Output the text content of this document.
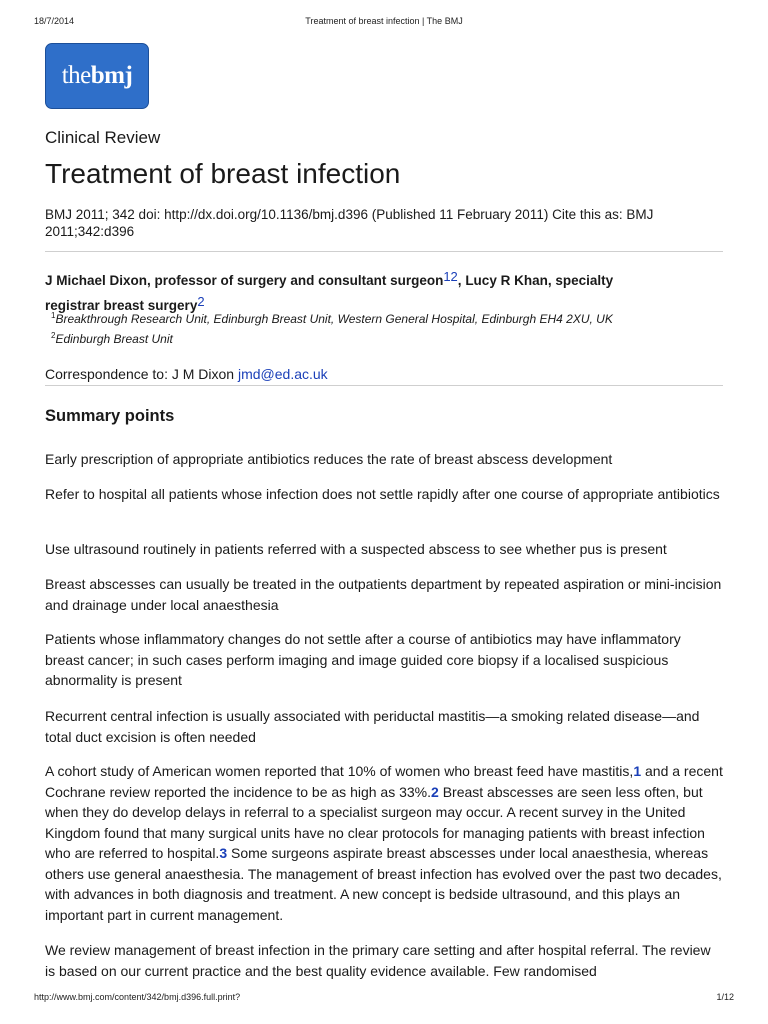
18/7/2014	Treatment of breast infection | The BMJ
the bmj
Clinical Review
Treatment of breast infection
BMJ 2011; 342 doi: http://dx.doi.org/10.1136/bmj.d396 (Published 11 February 2011) Cite this as: BMJ 2011;342:d396
J Michael Dixon, professor of surgery and consultant surgeon12, Lucy R Khan, specialty
registrar breast surgery2
$^1$Breakthrough Research Unit, Edinburgh Breast Unit, Western General Hospital, Edinburgh EH4 2XU, UK
$^2$Edinburgh Breast Unit
Correspondence to: J M Dixon jmd@ed.ac.uk
Summary points

Early prescription of appropriate antibiotics reduces the rate of breast abscess development

Refer to hospital all patients whose infection does not settle rapidly after one course of appropriate antibiotics

Use ultrasound routinely in patients referred with a suspected abscess to see whether pus is present

Breast abscesses can usually be treated in the outpatients department by repeated aspiration or mini-incision and drainage under local anaesthesia

Patients whose inflammatory changes do not settle after a course of antibiotics may have inflammatory breast cancer; in such cases perform imaging and image guided core biopsy if a localised suspicious abnormality is present

Recurrent central infection is usually associated with periductal mastitis—a smoking related disease—and total duct excision is often needed

A cohort study of American women reported that 10% of women who breast feed have mastitis,1 and a recent Cochrane review reported the incidence to be as high as 33%.2 Breast abscesses are seen less often, but when they do develop delays in referral to a specialist surgeon may occur. A recent survey in the United Kingdom found that many surgical units have no clear protocols for managing patients with breast infection who are referred to hospital.3 Some surgeons aspirate breast abscesses under local anaesthesia, whereas others use general anaesthesia. The management of breast infection has evolved over the past two decades, with advances in both diagnosis and treatment. A new concept is bedside ultrasound, and this plays an important part in current management.

We review management of breast infection in the primary care setting and after hospital referral. The review is based on our current practice and the best quality evidence available. Few randomised

http://www.bmj.com/content/342/bmj.d396.full.print?	1/12
